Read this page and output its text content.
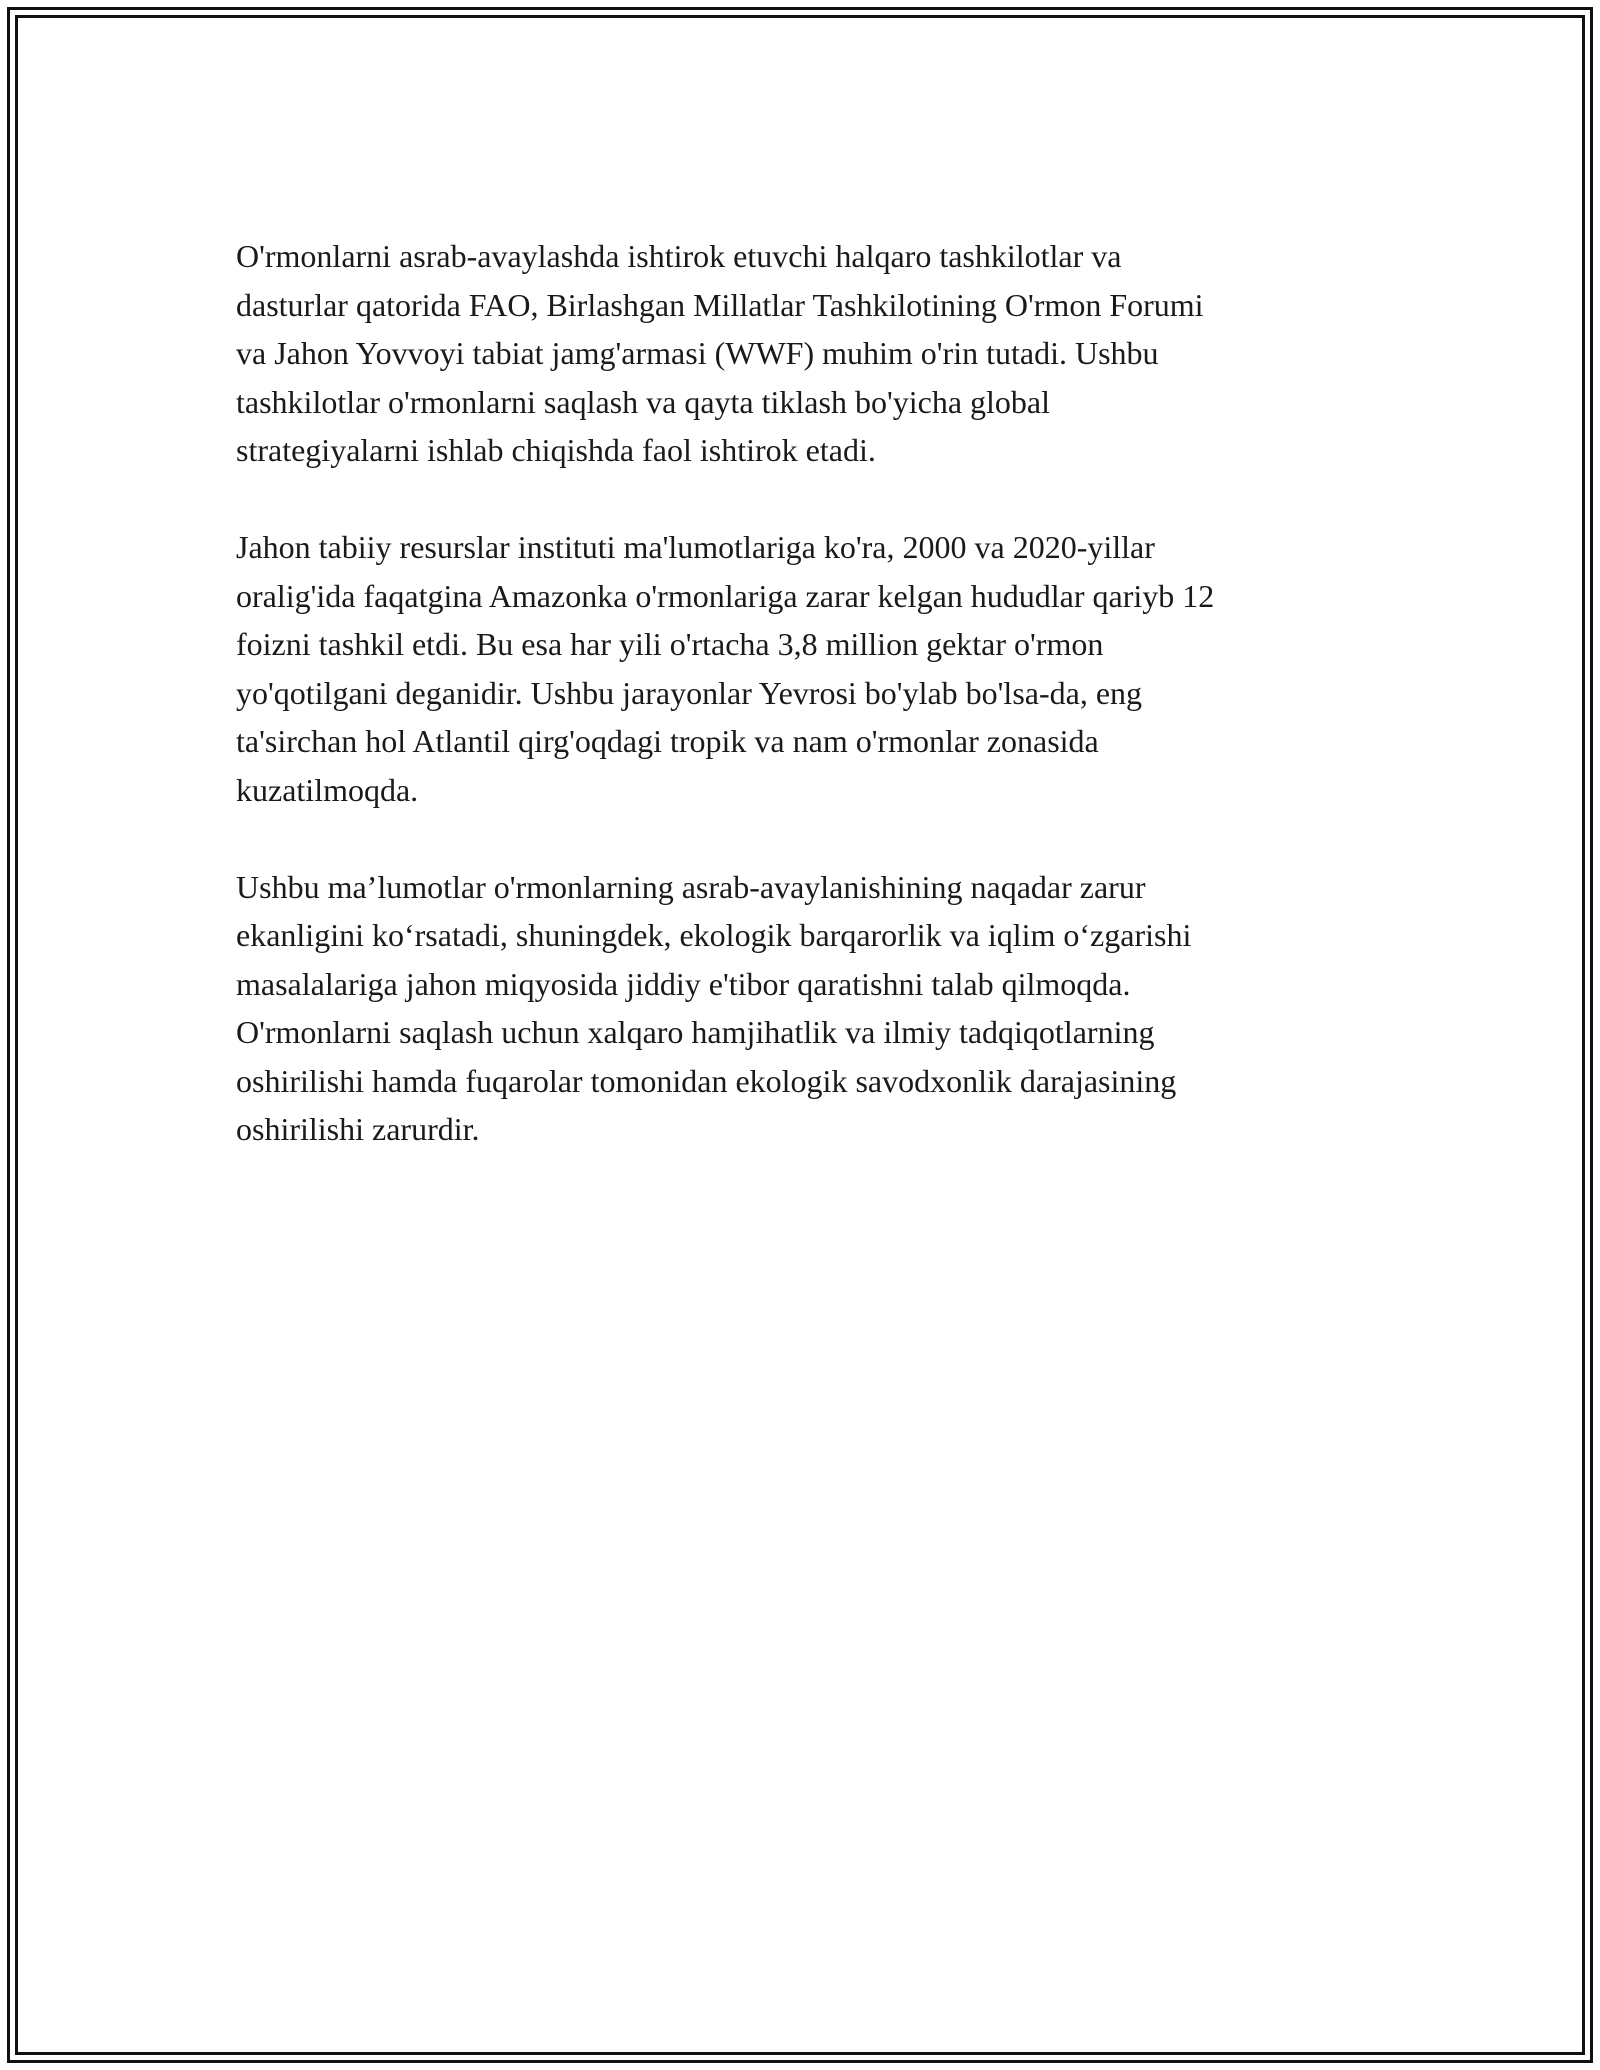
O'rmonlarni asrab-avaylashda ishtirok etuvchi halqaro tashkilotlar va
dasturlar qatorida FAO, Birlashgan Millatlar Tashkilotining O'rmon Forumi
va Jahon Yovvoyi tabiat jamg'armasi (WWF) muhim o'rin tutadi. Ushbu
tashkilotlar o'rmonlarni saqlash va qayta tiklash bo'yicha global
strategiyalarni ishlab chiqishda faol ishtirok etadi.

Jahon tabiiy resurslar instituti ma'lumotlariga ko'ra, 2000 va 2020-yillar
oralig'ida faqatgina Amazonka o'rmonlariga zarar kelgan hududlar qariyb 12
foizni tashkil etdi. Bu esa har yili o'rtacha 3,8 million gektar o'rmon
yo'qotilgani deganidir. Ushbu jarayonlar Yevrosi bo'ylab bo'lsa-da, eng
ta'sirchan hol Atlantil qirg'oqdagi tropik va nam o'rmonlar zonasida
kuzatilmoqda.

Ushbu ma’lumotlar o'rmonlarning asrab-avaylanishining naqadar zarur
ekanligini ko‘rsatadi, shuningdek, ekologik barqarorlik va iqlim o‘zgarishi
masalalariga jahon miqyosida jiddiy e'tibor qaratishni talab qilmoqda.
O'rmonlarni saqlash uchun xalqaro hamjihatlik va ilmiy tadqiqotlarning
oshirilishi hamda fuqarolar tomonidan ekologik savodxonlik darajasining
oshirilishi zarurdir.
